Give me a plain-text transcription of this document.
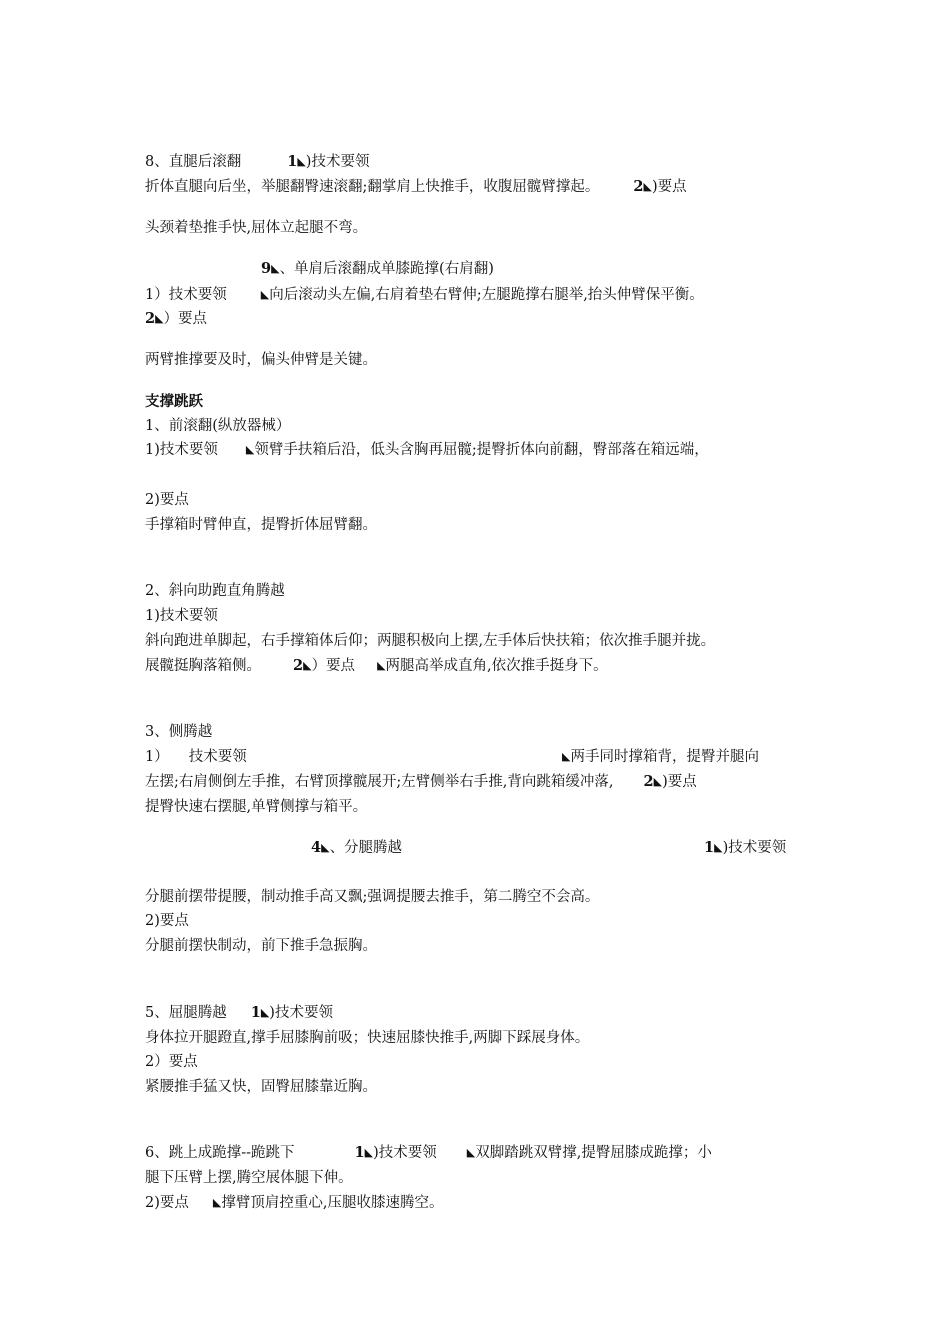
8、直腿后滚翻	1◣)技术要领
折体直腿向后坐，举腿翻臀速滚翻;翻掌肩上快推手，收腹屈髋臂撑起。 2◣)要点
头颈着垫推手快,屈体立起腿不弯。
9◣、单肩后滚翻成单膝跪撑(右肩翻)
1）技术要领	◣向后滚动头左偏,右肩着垫右臂伸;左腿跪撑右腿举,抬头伸臂保平衡。
2◣）要点
两臂推撑要及时，偏头伸臂是关键。
支撑跳跃
1、前滚翻(纵放器械）
1)技术要领	◣领臂手扶箱后沿，低头含胸再屈髋;提臀折体向前翻，臀部落在箱远端，
2)要点
手撑箱时臂伸直，提臀折体屈臂翻。
2、斜向助跑直角腾越
1)技术要领
斜向跑进单脚起，右手撑箱体后仰；两腿积极向上摆,左手体后快扶箱；依次推手腿并拢。
展髋挺胸落箱侧。 2◣）要点 ◣两腿高举成直角,依次推手挺身下。
3、侧腾越
1） 技术要领	◣两手同时撑箱背，提臀并腿向
左摆;右肩侧倒左手推，右臂顶撑髋展开;左臂侧举右手推,背向跳箱缓冲落, 2◣)要点
提臀快速右摆腿,单臂侧撑与箱平。
4◣、分腿腾越	1◣)技术要领
分腿前摆带提腰，制动推手高又飘;强调提腰去推手，第二腾空不会高。
2)要点
分腿前摆快制动，前下推手急振胸。
5、屈腿腾越 1◣)技术要领
身体拉开腿蹬直,撑手屈膝胸前吸；快速屈膝快推手,两脚下踩展身体。
2）要点
紧腰推手猛又快，固臀屈膝靠近胸。
6、跳上成跪撑--跪跳下	1◣)技术要领	◣双脚踏跳双臂撑,提臀屈膝成跪撑；小
腿下压臂上摆,腾空展体腿下伸。
2)要点 ◣撑臂顶肩控重心,压腿收膝速腾空。
